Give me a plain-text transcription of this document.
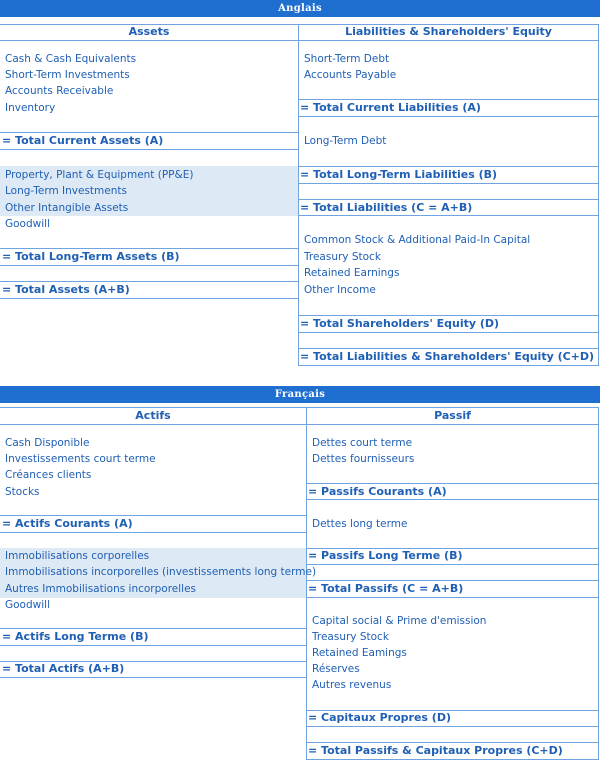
Anglais
Assets	Liabilities & Shareholders' Equity
Cash & Cash Equivalents
Short-Term Investments
Accounts Receivable
Inventory
= Total Current Assets (A)
Property, Plant & Equipment (PP&E)
Long-Term Investments
Other Intangible Assets
Goodwill
= Total Long-Term Assets (B)
= Total Assets (A+B)
Short-Term Debt
Accounts Payable
= Total Current Liabilities (A)
Long-Term Debt
= Total Long-Term Liabilities (B)
= Total Liabilities (C = A+B)
Common Stock & Additional Paid-In Capital
Treasury Stock
Retained Earnings
Other Income
= Total Shareholders' Equity (D)
= Total Liabilities & Shareholders' Equity (C+D)
Français
Actifs	Passif
Cash Disponible
Investissements court terme
Créances clients
Stocks
= Actifs Courants (A)
Immobilisations corporelles
Immobilisations incorporelles (investissements long terme)
Autres Immobilisations incorporelles
Goodwill
= Actifs Long Terme (B)
= Total Actifs (A+B)
Dettes court terme
Dettes fournisseurs
= Passifs Courants (A)
Dettes long terme
= Passifs Long Terme (B)
= Total Passifs (C = A+B)
Capital social & Prime d'emission
Treasury Stock
Retained Eamings
Réserves
Autres revenus
= Capitaux Propres (D)
= Total Passifs & Capitaux Propres (C+D)
